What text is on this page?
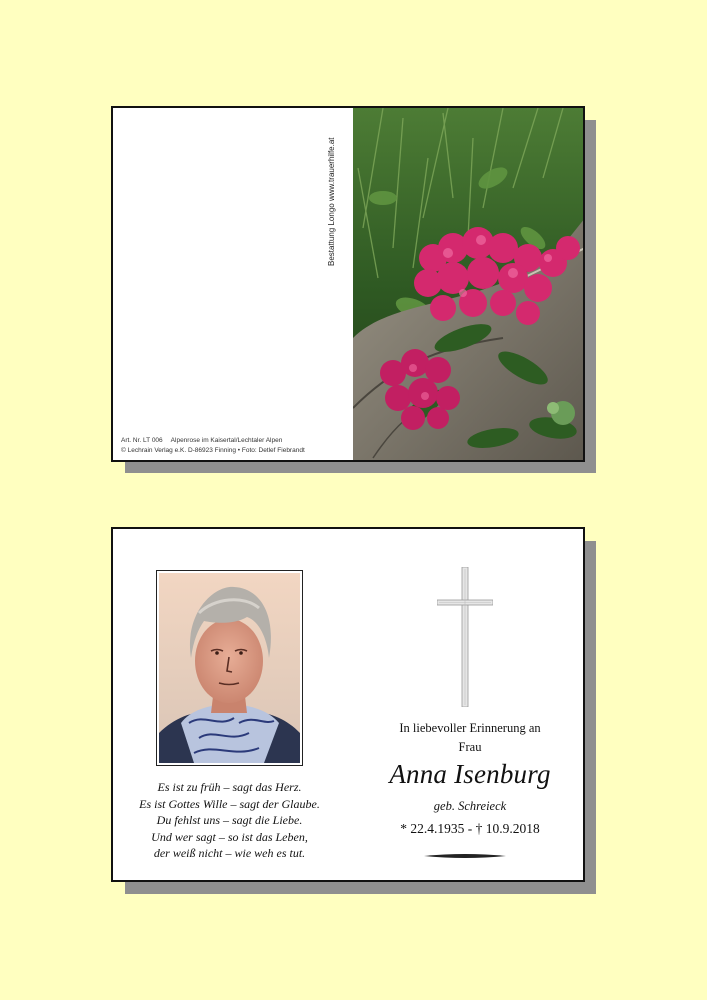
Bestattung Longo www.trauerhilfe.at
Art. Nr. LT 006 Alpenrose im Kaisertal/Lechtaler Alpen
© Lechrain Verlag e.K. D-86923 Finning • Foto: Detlef Fiebrandt
Es ist zu früh – sagt das Herz.
Es ist Gottes Wille – sagt der Glaube.
Du fehlst uns – sagt die Liebe.
Und wer sagt – so ist das Leben,
der weiß nicht – wie weh es tut.
In liebevoller Erinnerung an
Frau
Anna Isenburg
geb. Schreieck
* 22.4.1935 - † 10.9.2018
